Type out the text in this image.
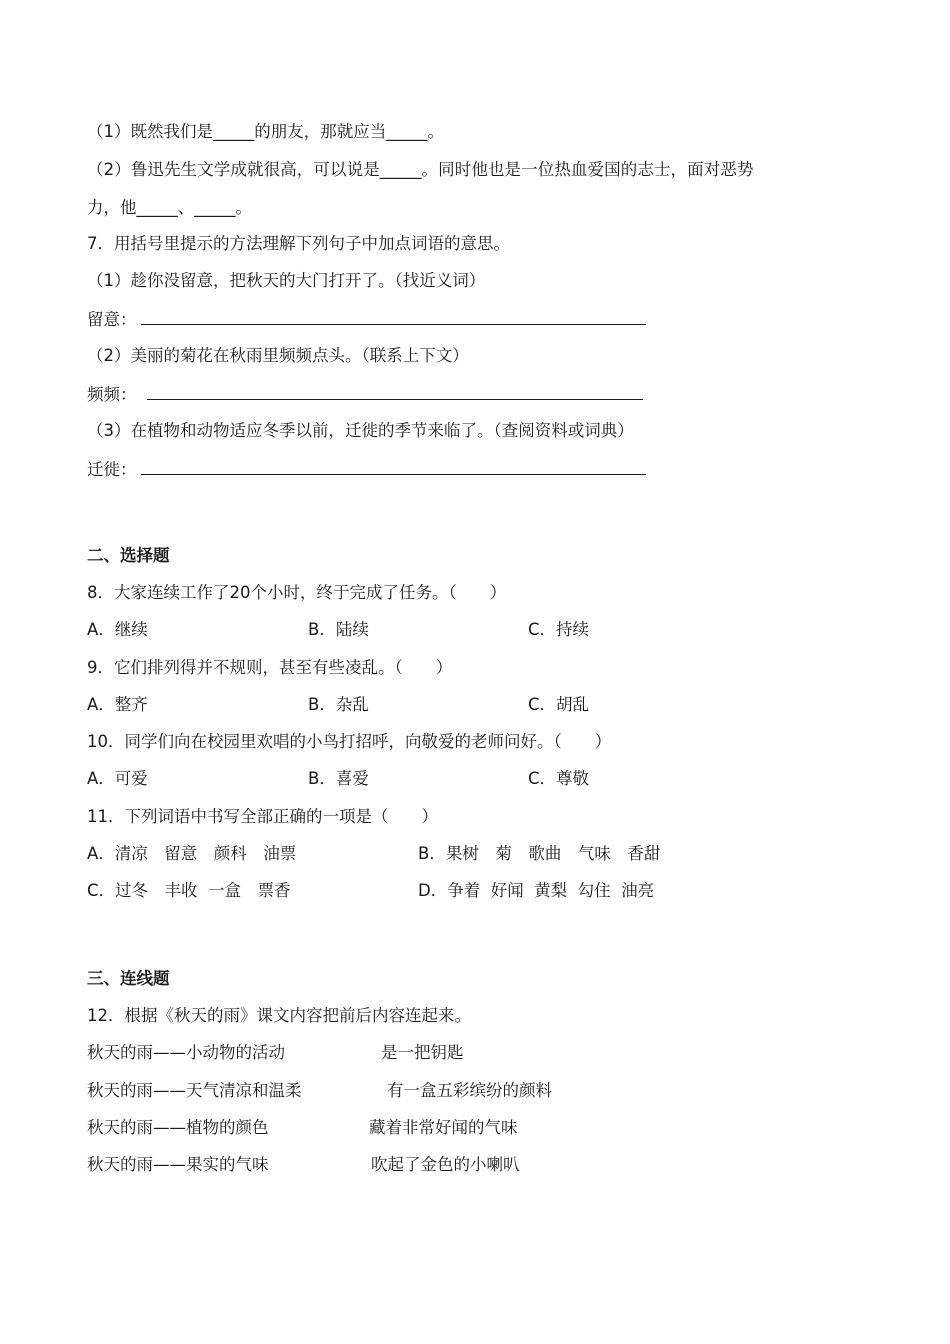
（1）既然我们是_____的朋友，那就应当_____。
（2）鲁迅先生文学成就很高，可以说是_____。同时他也是一位热血爱国的志士，面对恶势
力，他_____、_____。
7．用括号里提示的方法理解下列句子中加点词语的意思。
（1）趁你没留意，把秋天的大门打开了。（找近义词）
留意：
（2）美丽的菊花在秋雨里频频点头。（联系上下文）
频频：
（3）在植物和动物适应冬季以前，迁徙的季节来临了。（查阅资料或词典）
迁徙：
二、选择题
8．大家连续工作了20个小时，终于完成了任务。（　　）
A．继续	B．陆续	C．持续
9．它们排列得并不规则，甚至有些凌乱。（　　）
A．整齐	B．杂乱	C．胡乱
10．同学们向在校园里欢唱的小鸟打招呼，向敬爱的老师问好。（　　）
A．可爱	B．喜爱	C．尊敬
11．下列词语中书写全部正确的一项是（　　）
A．清凉　留意　颜科　油票	B．果树　菊　歌曲　气味　香甜
C．过冬　丰收  一盒　票香	D．争着  好闻  黄梨  勾住  油亮
三、连线题
12．根据《秋天的雨》课文内容把前后内容连起来。
秋天的雨——小动物的活动	是一把钥匙
秋天的雨——天气清凉和温柔	有一盒五彩缤纷的颜料
秋天的雨——植物的颜色	藏着非常好闻的气味
秋天的雨——果实的气味	吹起了金色的小喇叭
